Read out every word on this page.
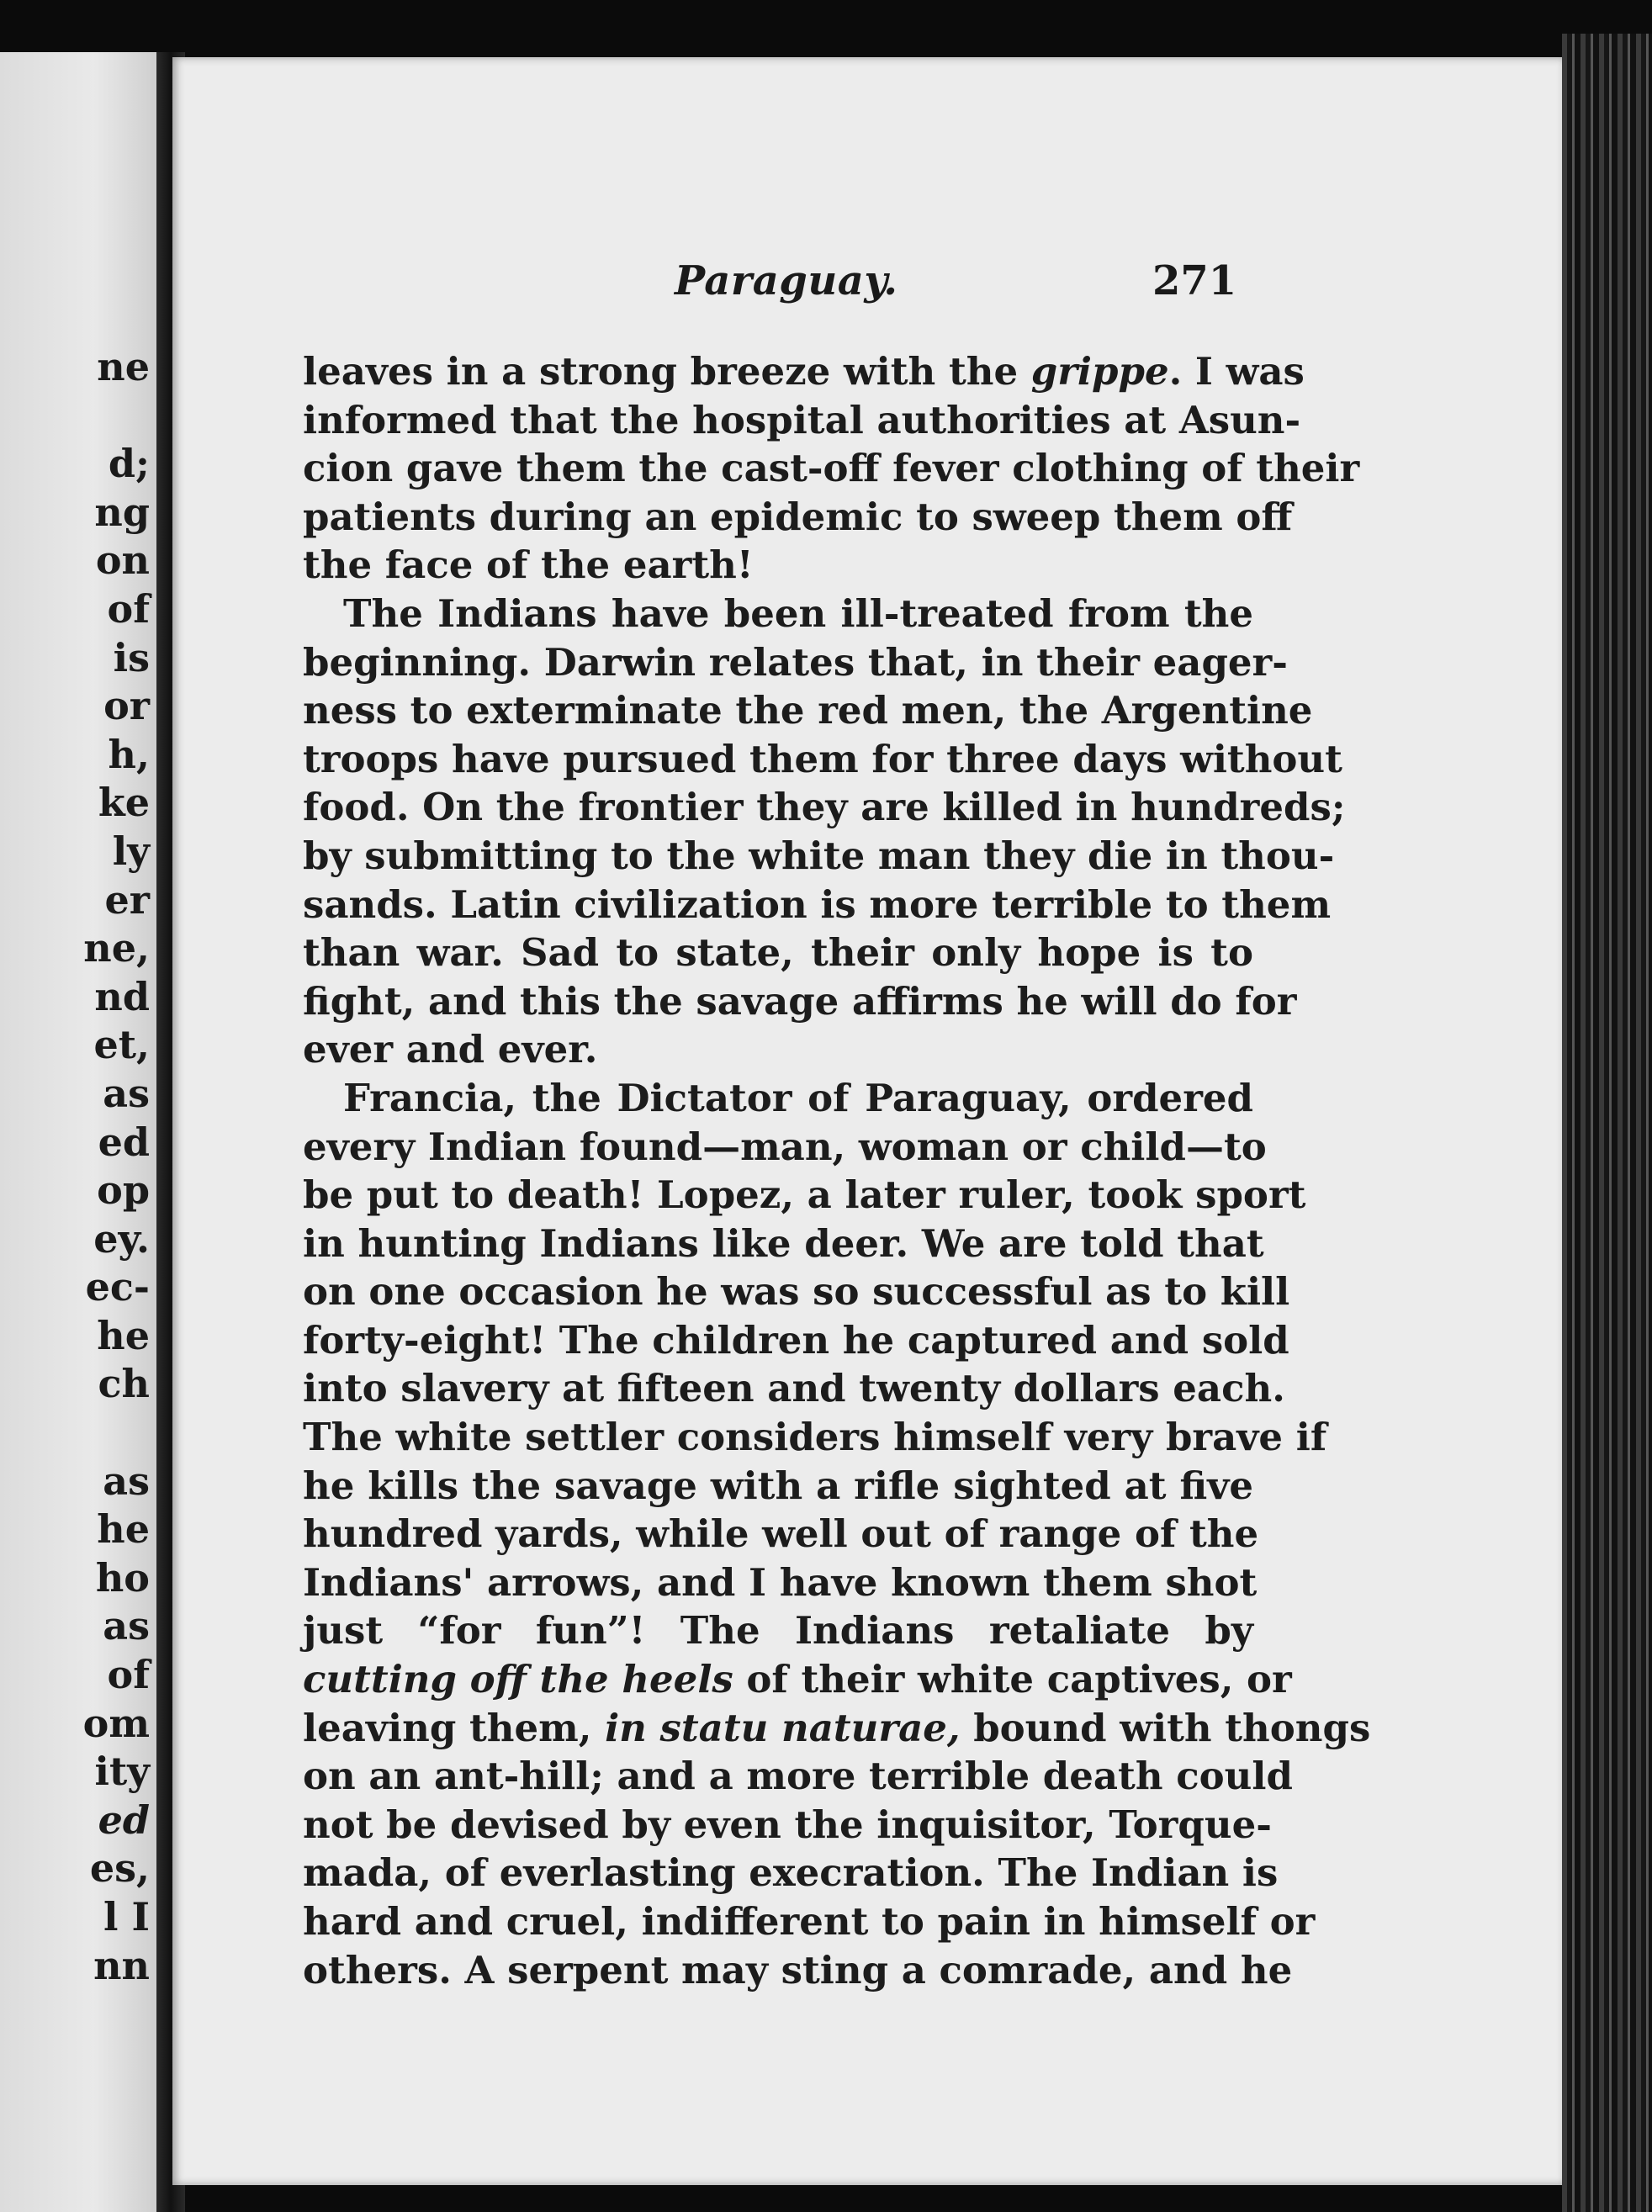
ne

d;
ng
on
of
is
or
h,
ke
ly
er
ne,
nd
et,
as
ed
op
ey.
ec-
he
ch

as
he
ho
as
of
om
ity
ed
es,
l I
nn
Paraguay.	271
leaves in a strong breeze with the grippe. I was
informed that the hospital authorities at Asun-
cion gave them the cast-off fever clothing of their
patients during an epidemic to sweep them off
the face of the earth!
The Indians have been ill-treated from the
beginning. Darwin relates that, in their eager-
ness to exterminate the red men, the Argentine
troops have pursued them for three days without
food. On the frontier they are killed in hundreds;
by submitting to the white man they die in thou-
sands. Latin civilization is more terrible to them
than war. Sad to state, their only hope is to
fight, and this the savage affirms he will do for
ever and ever.
Francia, the Dictator of Paraguay, ordered
every Indian found—man, woman or child—to
be put to death! Lopez, a later ruler, took sport
in hunting Indians like deer. We are told that
on one occasion he was so successful as to kill
forty-eight! The children he captured and sold
into slavery at fifteen and twenty dollars each.
The white settler considers himself very brave if
he kills the savage with a rifle sighted at five
hundred yards, while well out of range of the
Indians' arrows, and I have known them shot
just “for fun”! The Indians retaliate by
cutting off the heels of their white captives, or
leaving them, in statu naturae, bound with thongs
on an ant-hill; and a more terrible death could
not be devised by even the inquisitor, Torque-
mada, of everlasting execration. The Indian is
hard and cruel, indifferent to pain in himself or
others. A serpent may sting a comrade, and he
